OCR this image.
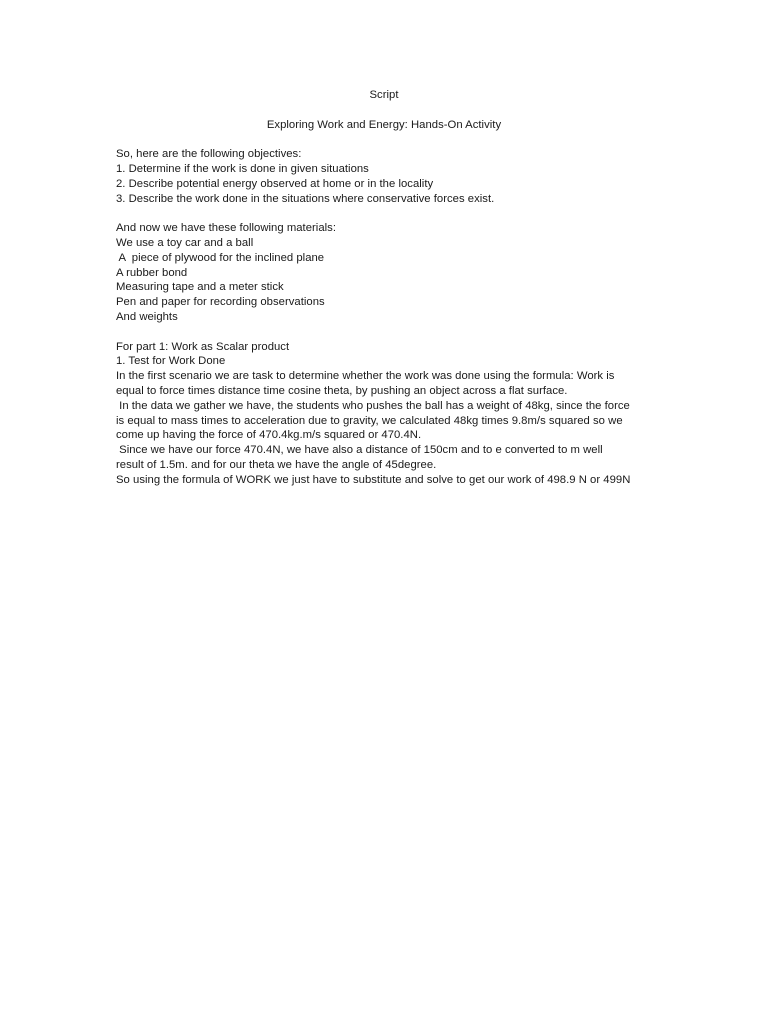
Script
Exploring Work and Energy: Hands-On Activity
So, here are the following objectives:
1. Determine if the work is done in given situations
2. Describe potential energy observed at home or in the locality
3. Describe the work done in the situations where conservative forces exist.
And now we have these following materials:
We use a toy car and a ball
A  piece of plywood for the inclined plane
A rubber bond
Measuring tape and a meter stick
Pen and paper for recording observations
And weights
For part 1: Work as Scalar product
1. Test for Work Done
In the first scenario we are task to determine whether the work was done using the formula: Work is
equal to force times distance time cosine theta, by pushing an object across a flat surface.
In the data we gather we have, the students who pushes the ball has a weight of 48kg, since the force
is equal to mass times to acceleration due to gravity, we calculated 48kg times 9.8m/s squared so we
come up having the force of 470.4kg.m/s squared or 470.4N.
Since we have our force 470.4N, we have also a distance of 150cm and to e converted to m well
result of 1.5m. and for our theta we have the angle of 45degree.
So using the formula of WORK we just have to substitute and solve to get our work of 498.9 N or 499N
